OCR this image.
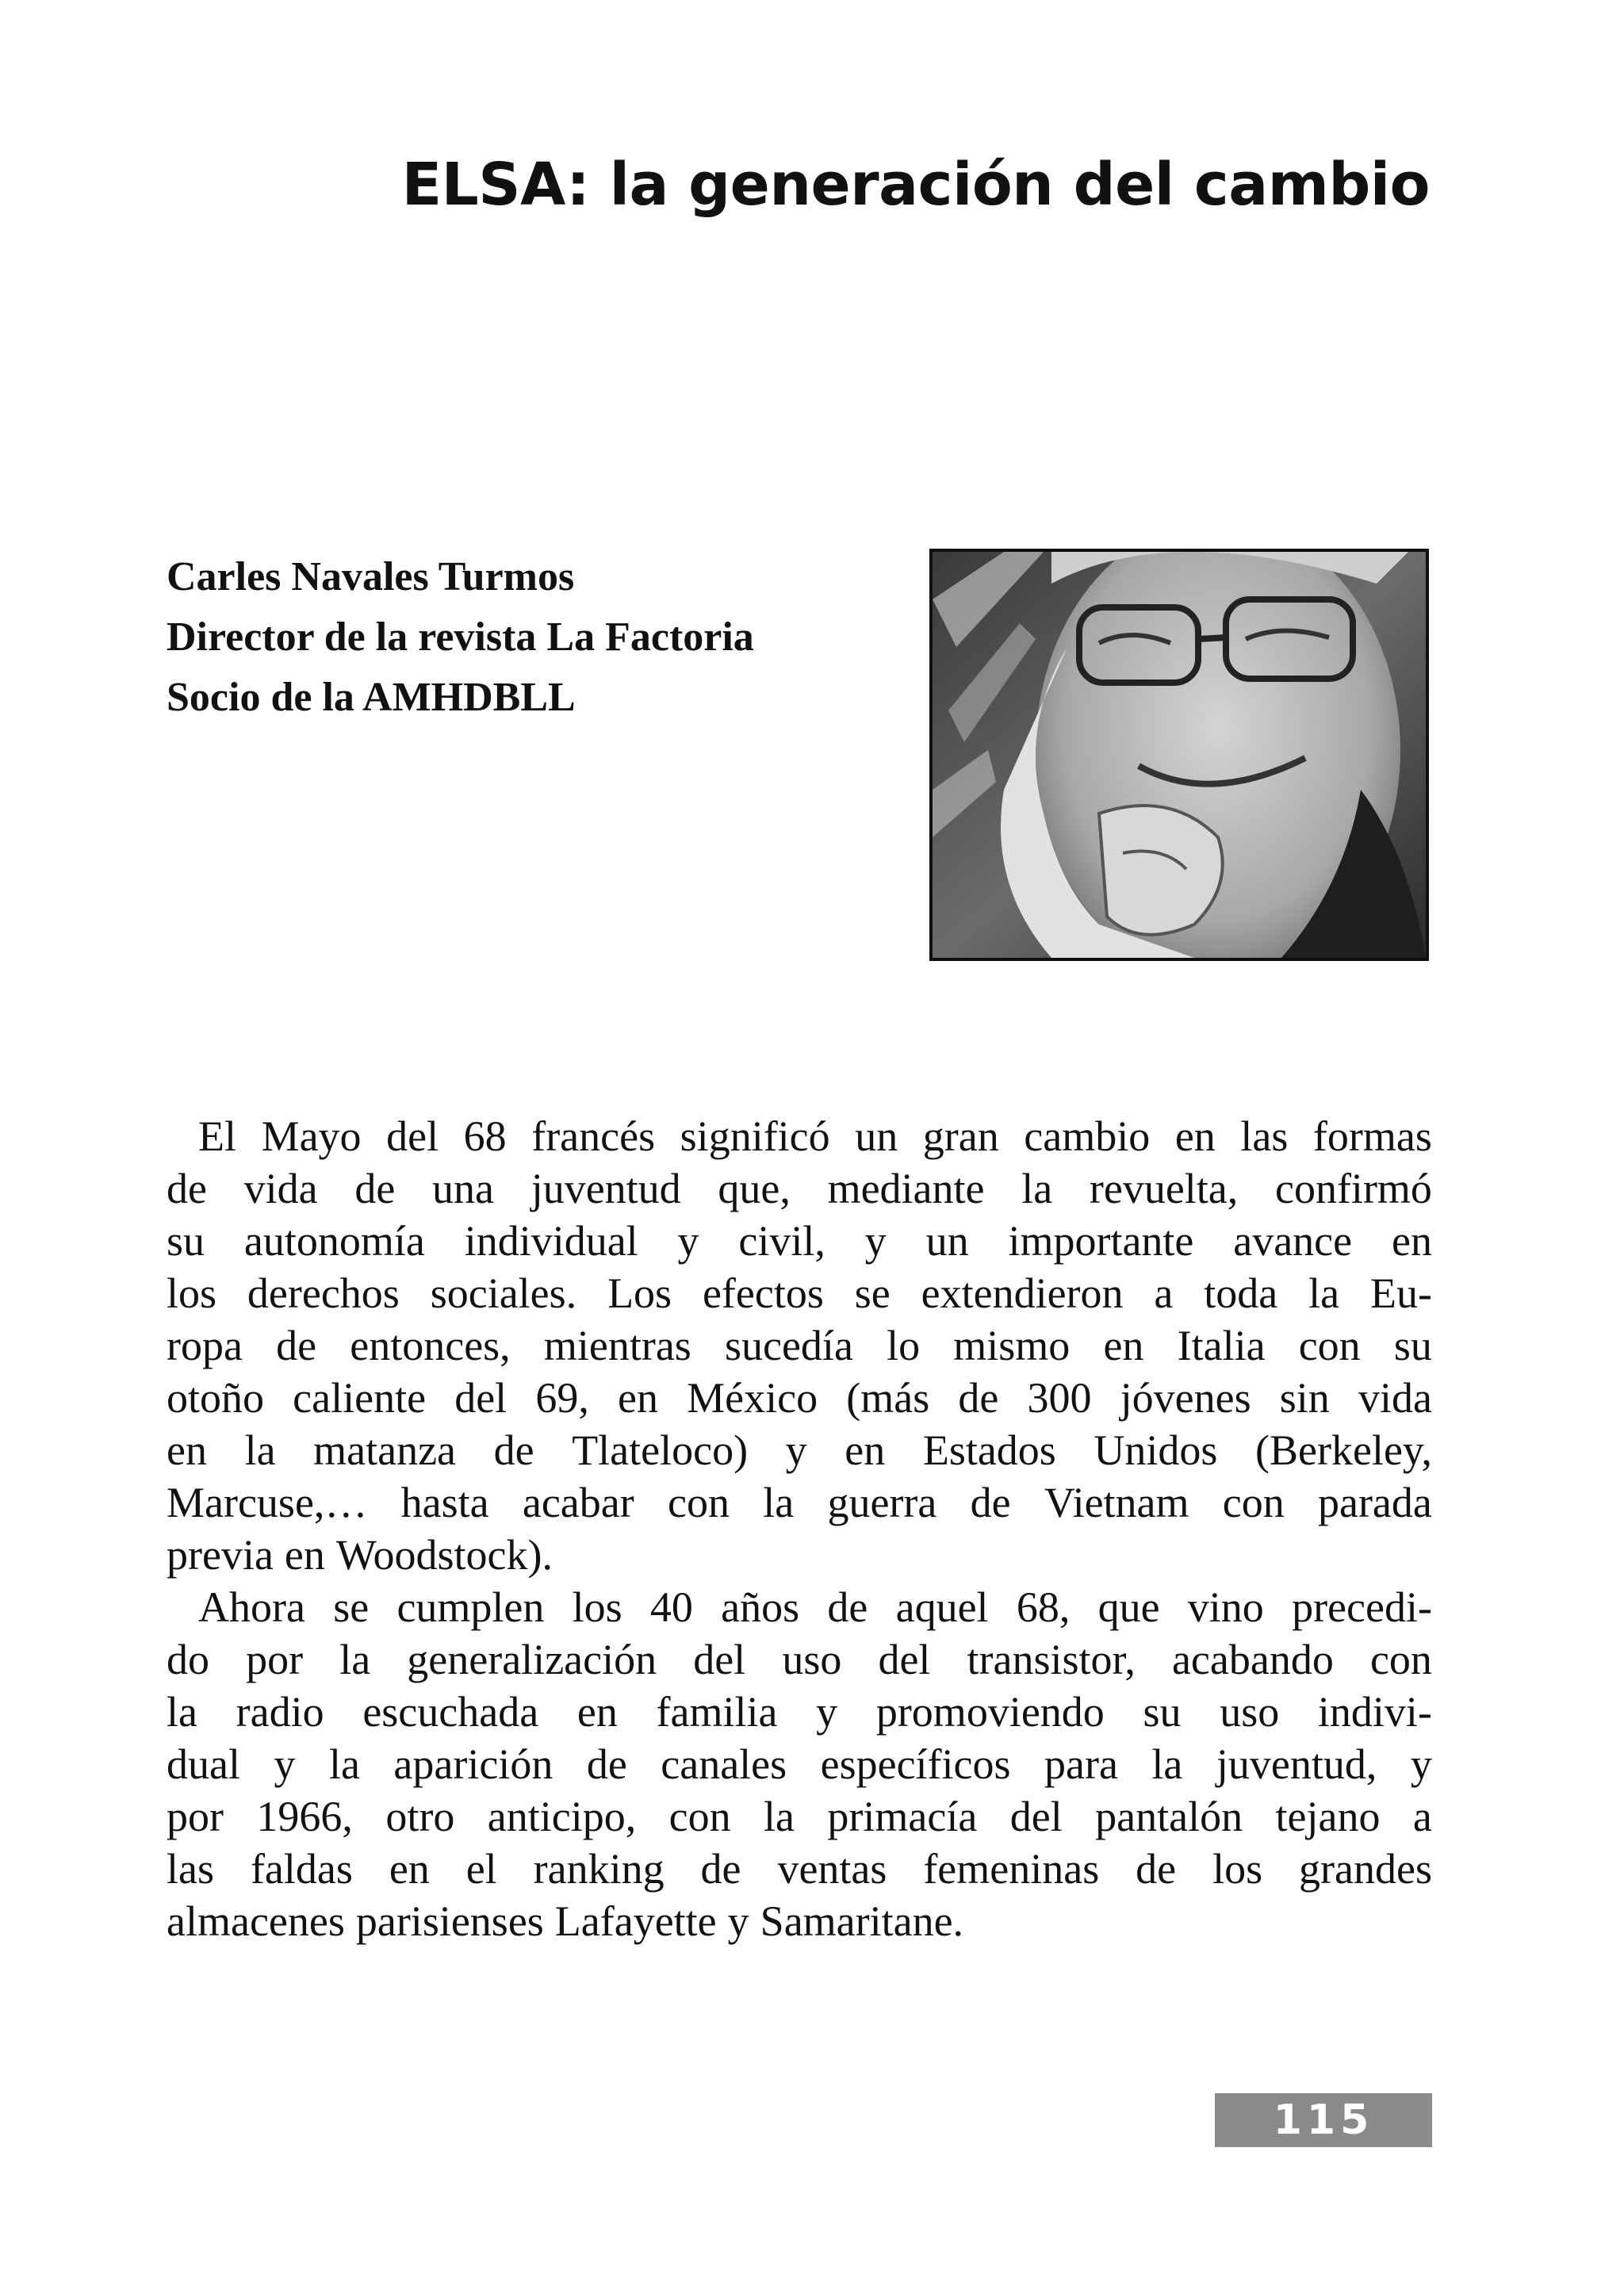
ELSA: la generación del cambio
Carles Navales Turmos
Director de la revista La Factoria
Socio de la AMHDBLL
El Mayo del 68 francés significó un gran cambio en las formas
de vida de una juventud que, mediante la revuelta, confirmó
su autonomía individual y civil, y un importante avance en
los derechos sociales. Los efectos se extendieron a toda la Eu-
ropa de entonces, mientras sucedía lo mismo en Italia con su
otoño caliente del 69, en México (más de 300 jóvenes sin vida
en la matanza de Tlateloco) y en Estados Unidos (Berkeley,
Marcuse,… hasta acabar con la guerra de Vietnam con parada
previa en Woodstock).
Ahora se cumplen los 40 años de aquel 68, que vino precedi-
do por la generalización del uso del transistor, acabando con
la radio escuchada en familia y promoviendo su uso indivi-
dual y la aparición de canales específicos para la juventud, y
por 1966, otro anticipo, con la primacía del pantalón tejano a
las faldas en el ranking de ventas femeninas de los grandes
almacenes parisienses Lafayette y Samaritane.
115
